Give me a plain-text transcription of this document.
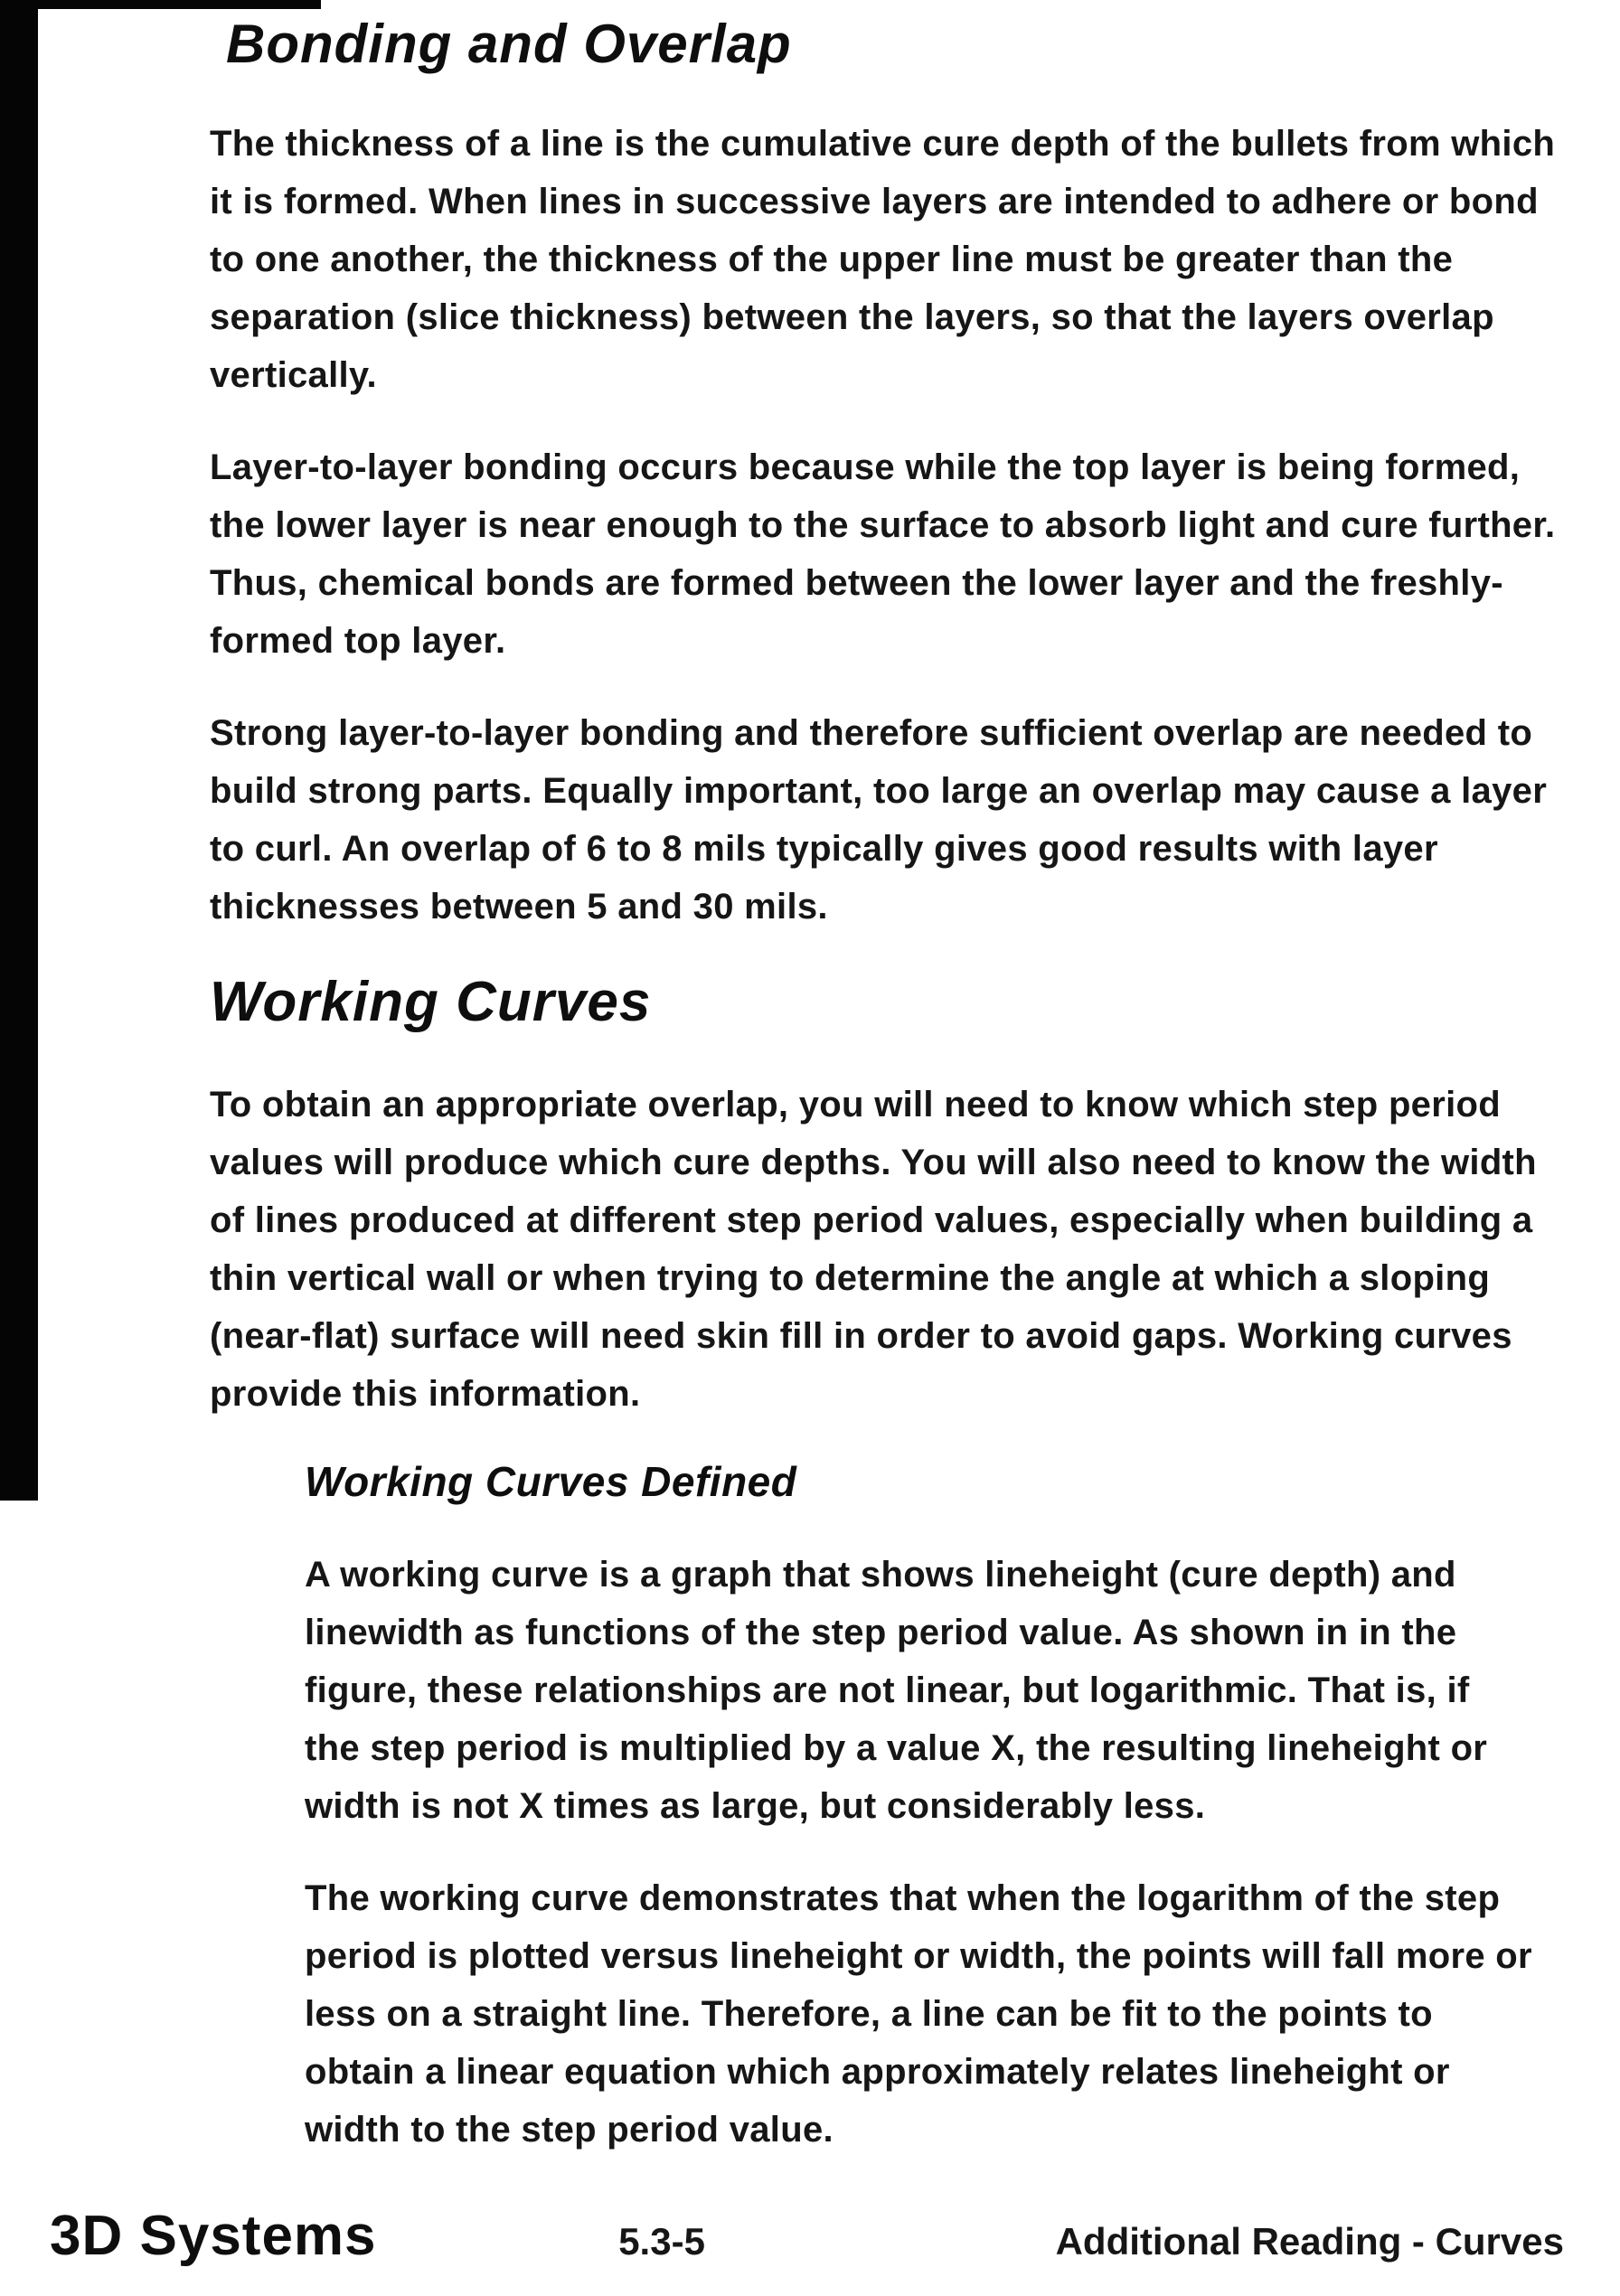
Bonding and Overlap

The thickness of a line is the cumulative cure depth of the bullets from which it is formed. When lines in successive layers are intended to adhere or bond to one another, the thickness of the upper line must be greater than the separation (slice thickness) between the layers, so that the layers overlap vertically.

Layer-to-layer bonding occurs because while the top layer is being formed, the lower layer is near enough to the surface to absorb light and cure further. Thus, chemical bonds are formed between the lower layer and the freshly-formed top layer.

Strong layer-to-layer bonding and therefore sufficient overlap are needed to build strong parts. Equally important, too large an overlap may cause a layer to curl. An overlap of 6 to 8 mils typically gives good results with layer thicknesses between 5 and 30 mils.

Working Curves

To obtain an appropriate overlap, you will need to know which step period values will produce which cure depths. You will also need to know the width of lines produced at different step period values, especially when building a thin vertical wall or when trying to determine the angle at which a sloping (near-flat) surface will need skin fill in order to avoid gaps. Working curves provide this information.

Working Curves Defined

A working curve is a graph that shows lineheight (cure depth) and linewidth as functions of the step period value. As shown in in the figure, these relationships are not linear, but logarithmic. That is, if the step period is multiplied by a value X, the resulting lineheight or width is not X times as large, but considerably less.

The working curve demonstrates that when the logarithm of the step period is plotted versus lineheight or width, the points will fall more or less on a straight line. Therefore, a line can be fit to the points to obtain a linear equation which approximately relates lineheight or width to the step period value.

3D Systems	5.3-5	Additional Reading - Curves
